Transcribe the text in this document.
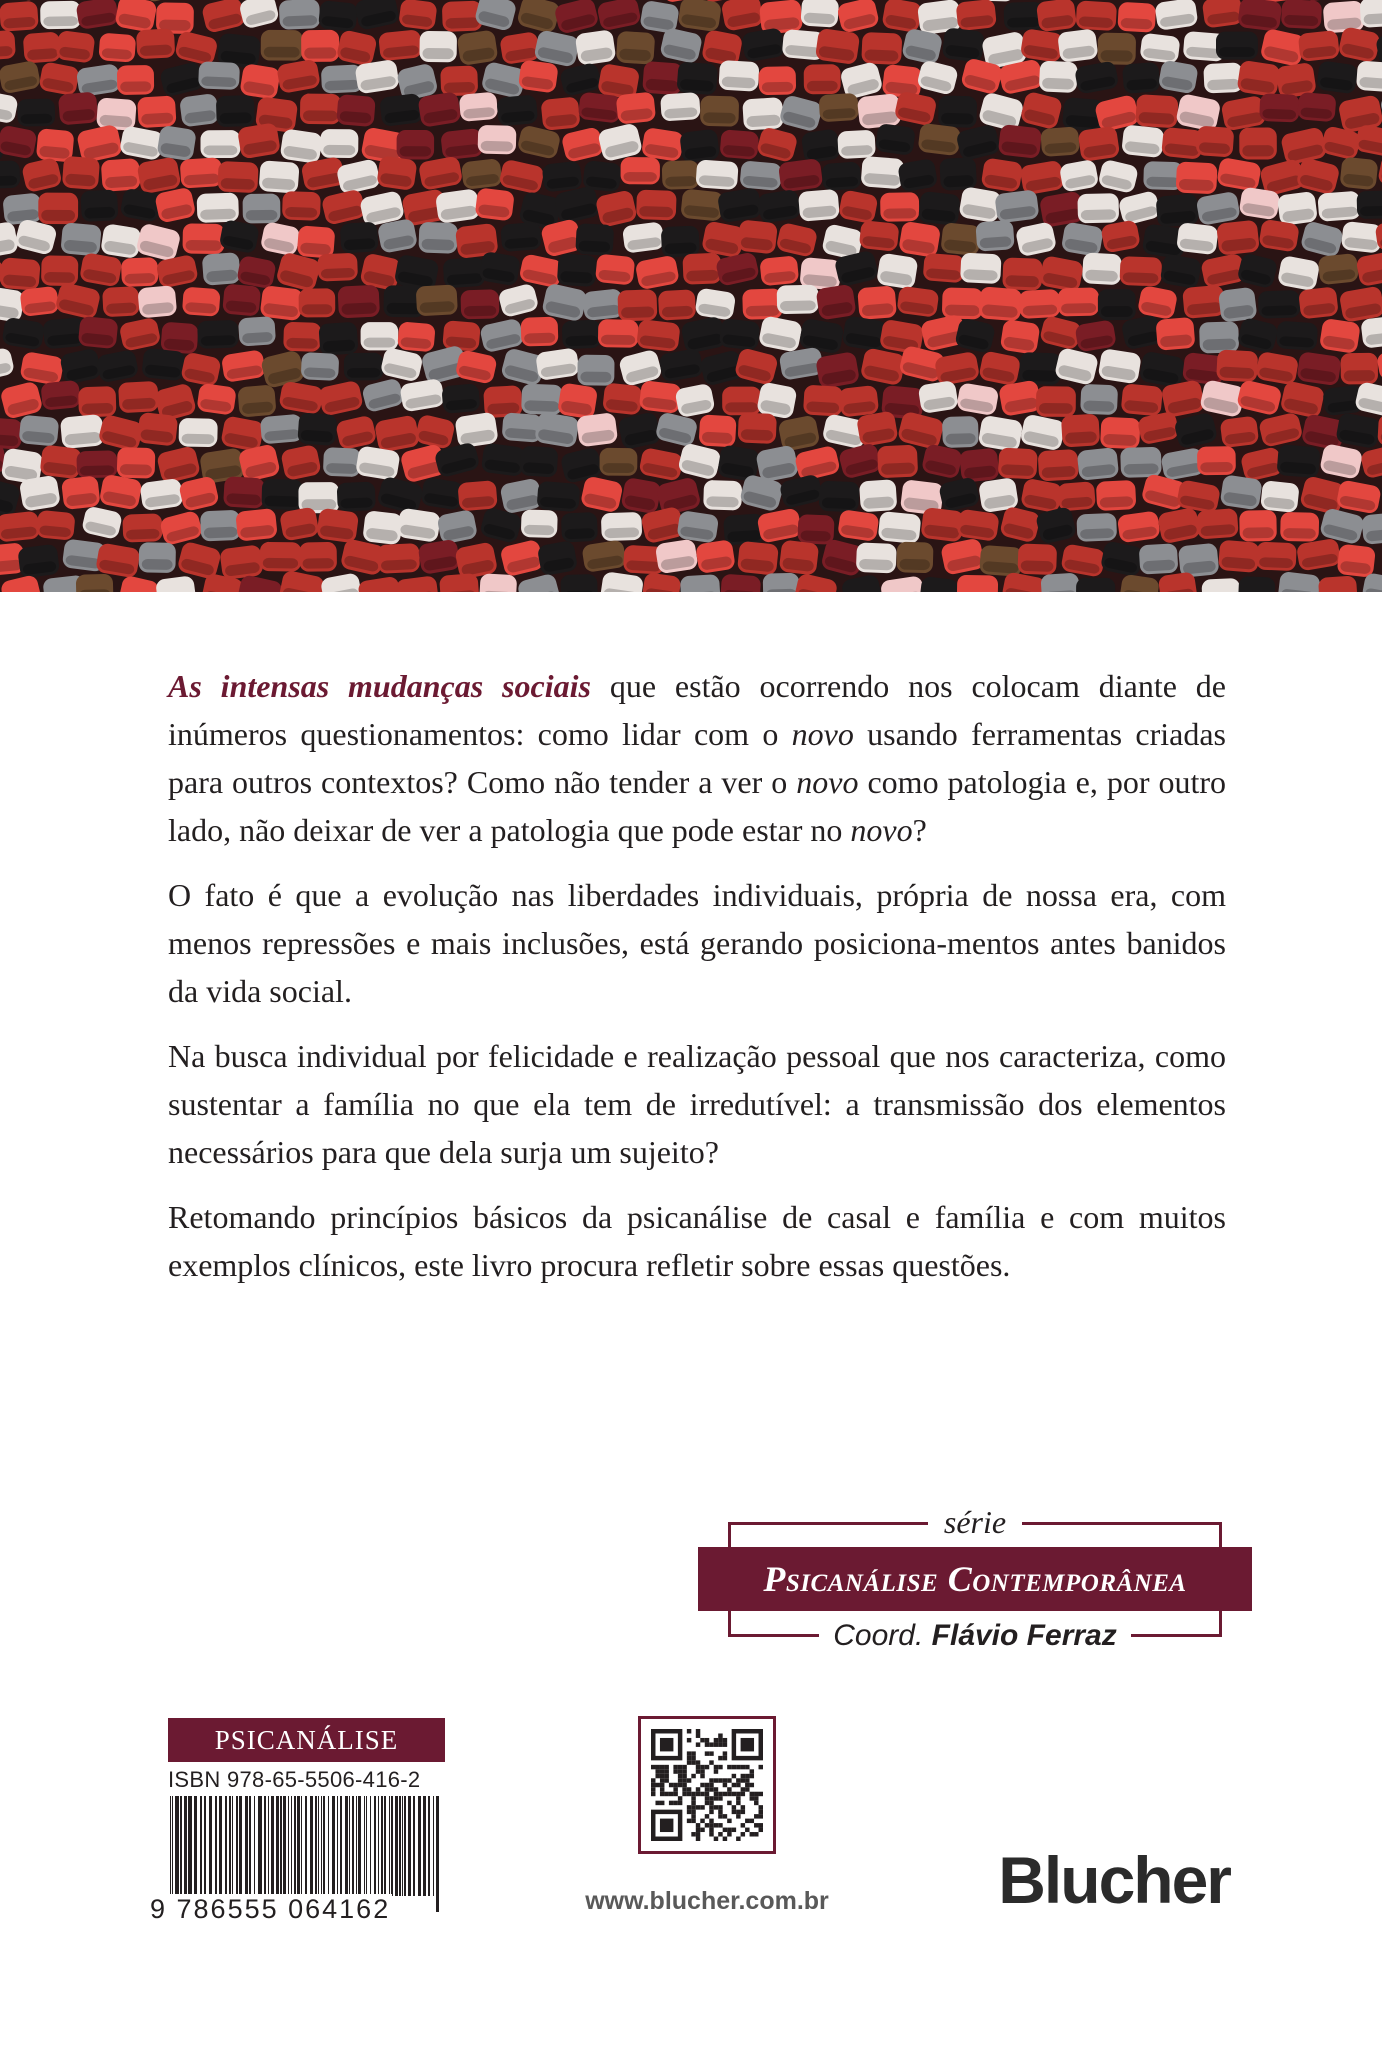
As intensas mudanças sociais que estão ocorrendo nos colocam diante de inúmeros questionamentos: como lidar com o novo usando ferramentas criadas para outros contextos? Como não tender a ver o novo como patologia e, por outro lado, não deixar de ver a patologia que pode estar no novo?

O fato é que a evolução nas liberdades individuais, própria de nossa era, com menos repressões e mais inclusões, está gerando posiciona-mentos antes banidos da vida social.

Na busca individual por felicidade e realização pessoal que nos caracteriza, como sustentar a família no que ela tem de irredutível: a transmissão dos elementos necessários para que dela surja um sujeito?

Retomando princípios básicos da psicanálise de casal e família e com muitos exemplos clínicos, este livro procura refletir sobre essas questões.

série
Psicanálise Contemporânea
Coord. Flávio Ferraz
PSICANÁLISE
ISBN 978-65-5506-416-2
9 786555 064162	www.blucher.com.br	Blucher
